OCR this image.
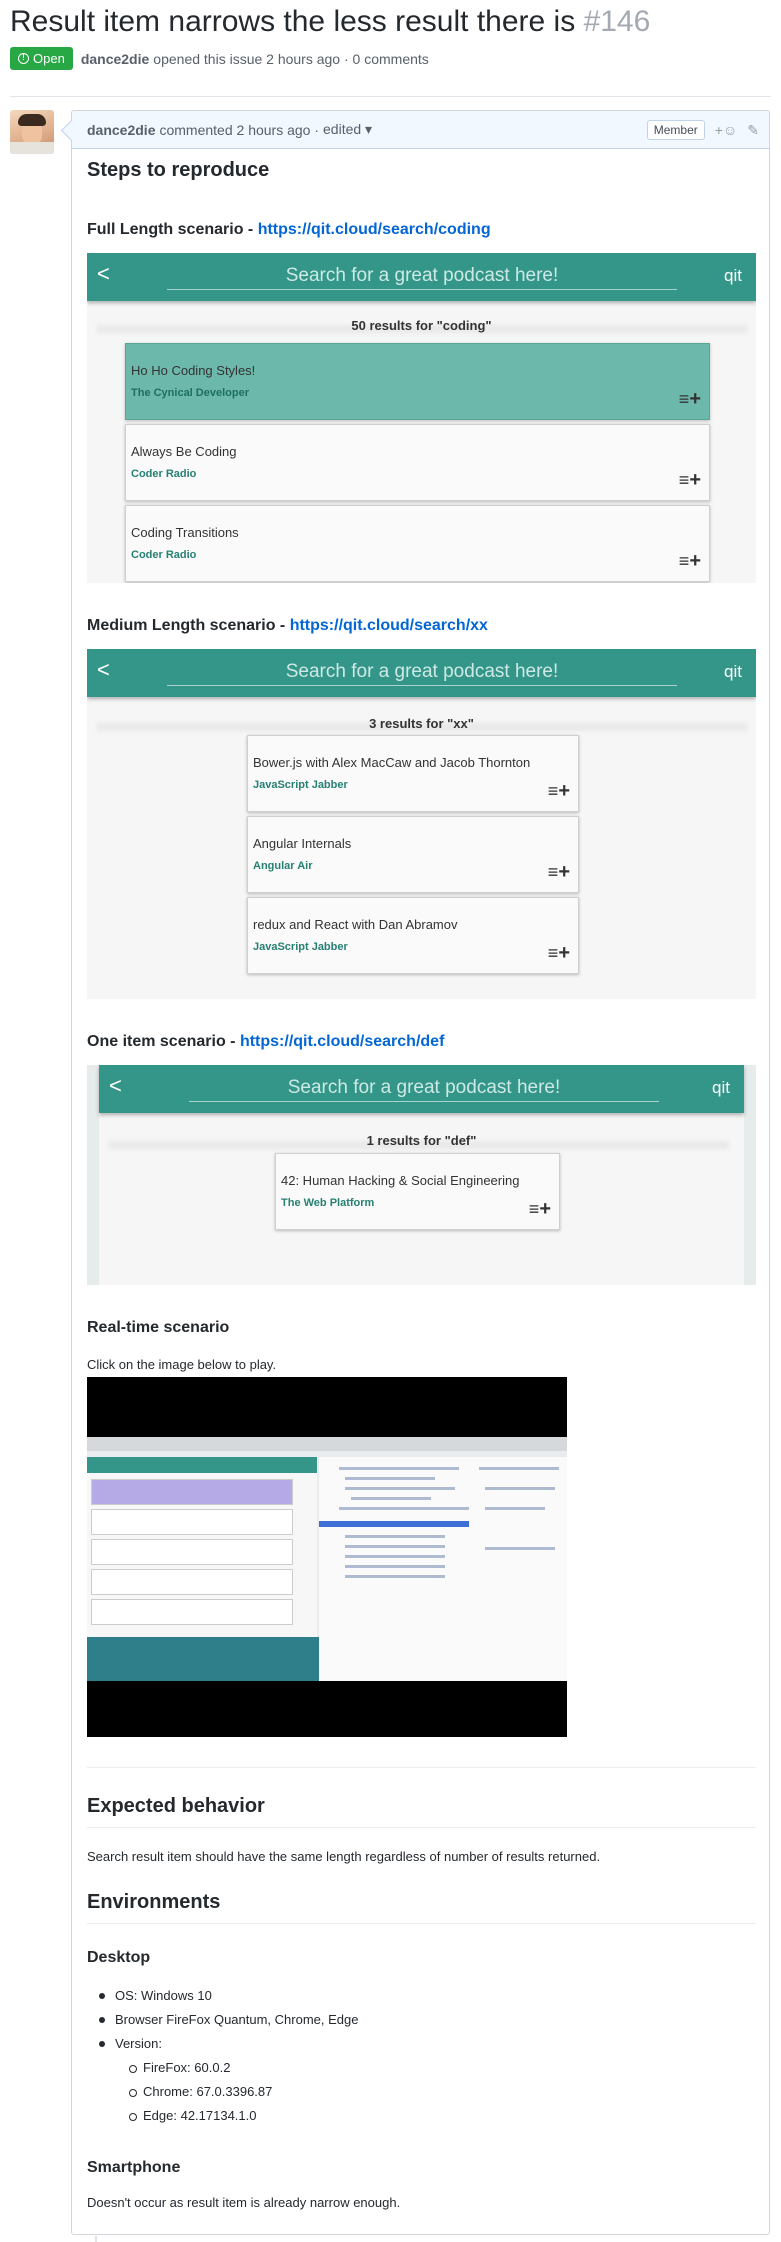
Result item narrows the less result there is #146
! Open dance2die opened this issue 2 hours ago · 0 comments
dance2die commented 2 hours ago · edited ▾	Member	+☺ ✎
Steps to reproduce
Full Length scenario - https://qit.cloud/search/coding
<	Search for a great podcast here!	qit
50 results for "coding"
Ho Ho Coding Styles!
The Cynical Developer	≡ +
Always Be Coding
Coder Radio	≡ +
Coding Transitions
Coder Radio	≡ +
Medium Length scenario - https://qit.cloud/search/xx
<	Search for a great podcast here!	qit
3 results for "xx"
Bower.js with Alex MacCaw and Jacob Thornton
JavaScript Jabber	≡ +
Angular Internals
Angular Air	≡ +
redux and React with Dan Abramov
JavaScript Jabber	≡ +
One item scenario - https://qit.cloud/search/def
<	Search for a great podcast here!	qit
1 results for "def"
42: Human Hacking & Social Engineering
The Web Platform	≡ +
Real-time scenario
Click on the image below to play.
Expected behavior
Search result item should have the same length regardless of number of results returned.
Environments
Desktop
OS: Windows 10
Browser FireFox Quantum, Chrome, Edge
Version:
FireFox: 60.0.2
Chrome: 67.0.3396.87
Edge: 42.17134.1.0
Smartphone
Doesn't occur as result item is already narrow enough.
